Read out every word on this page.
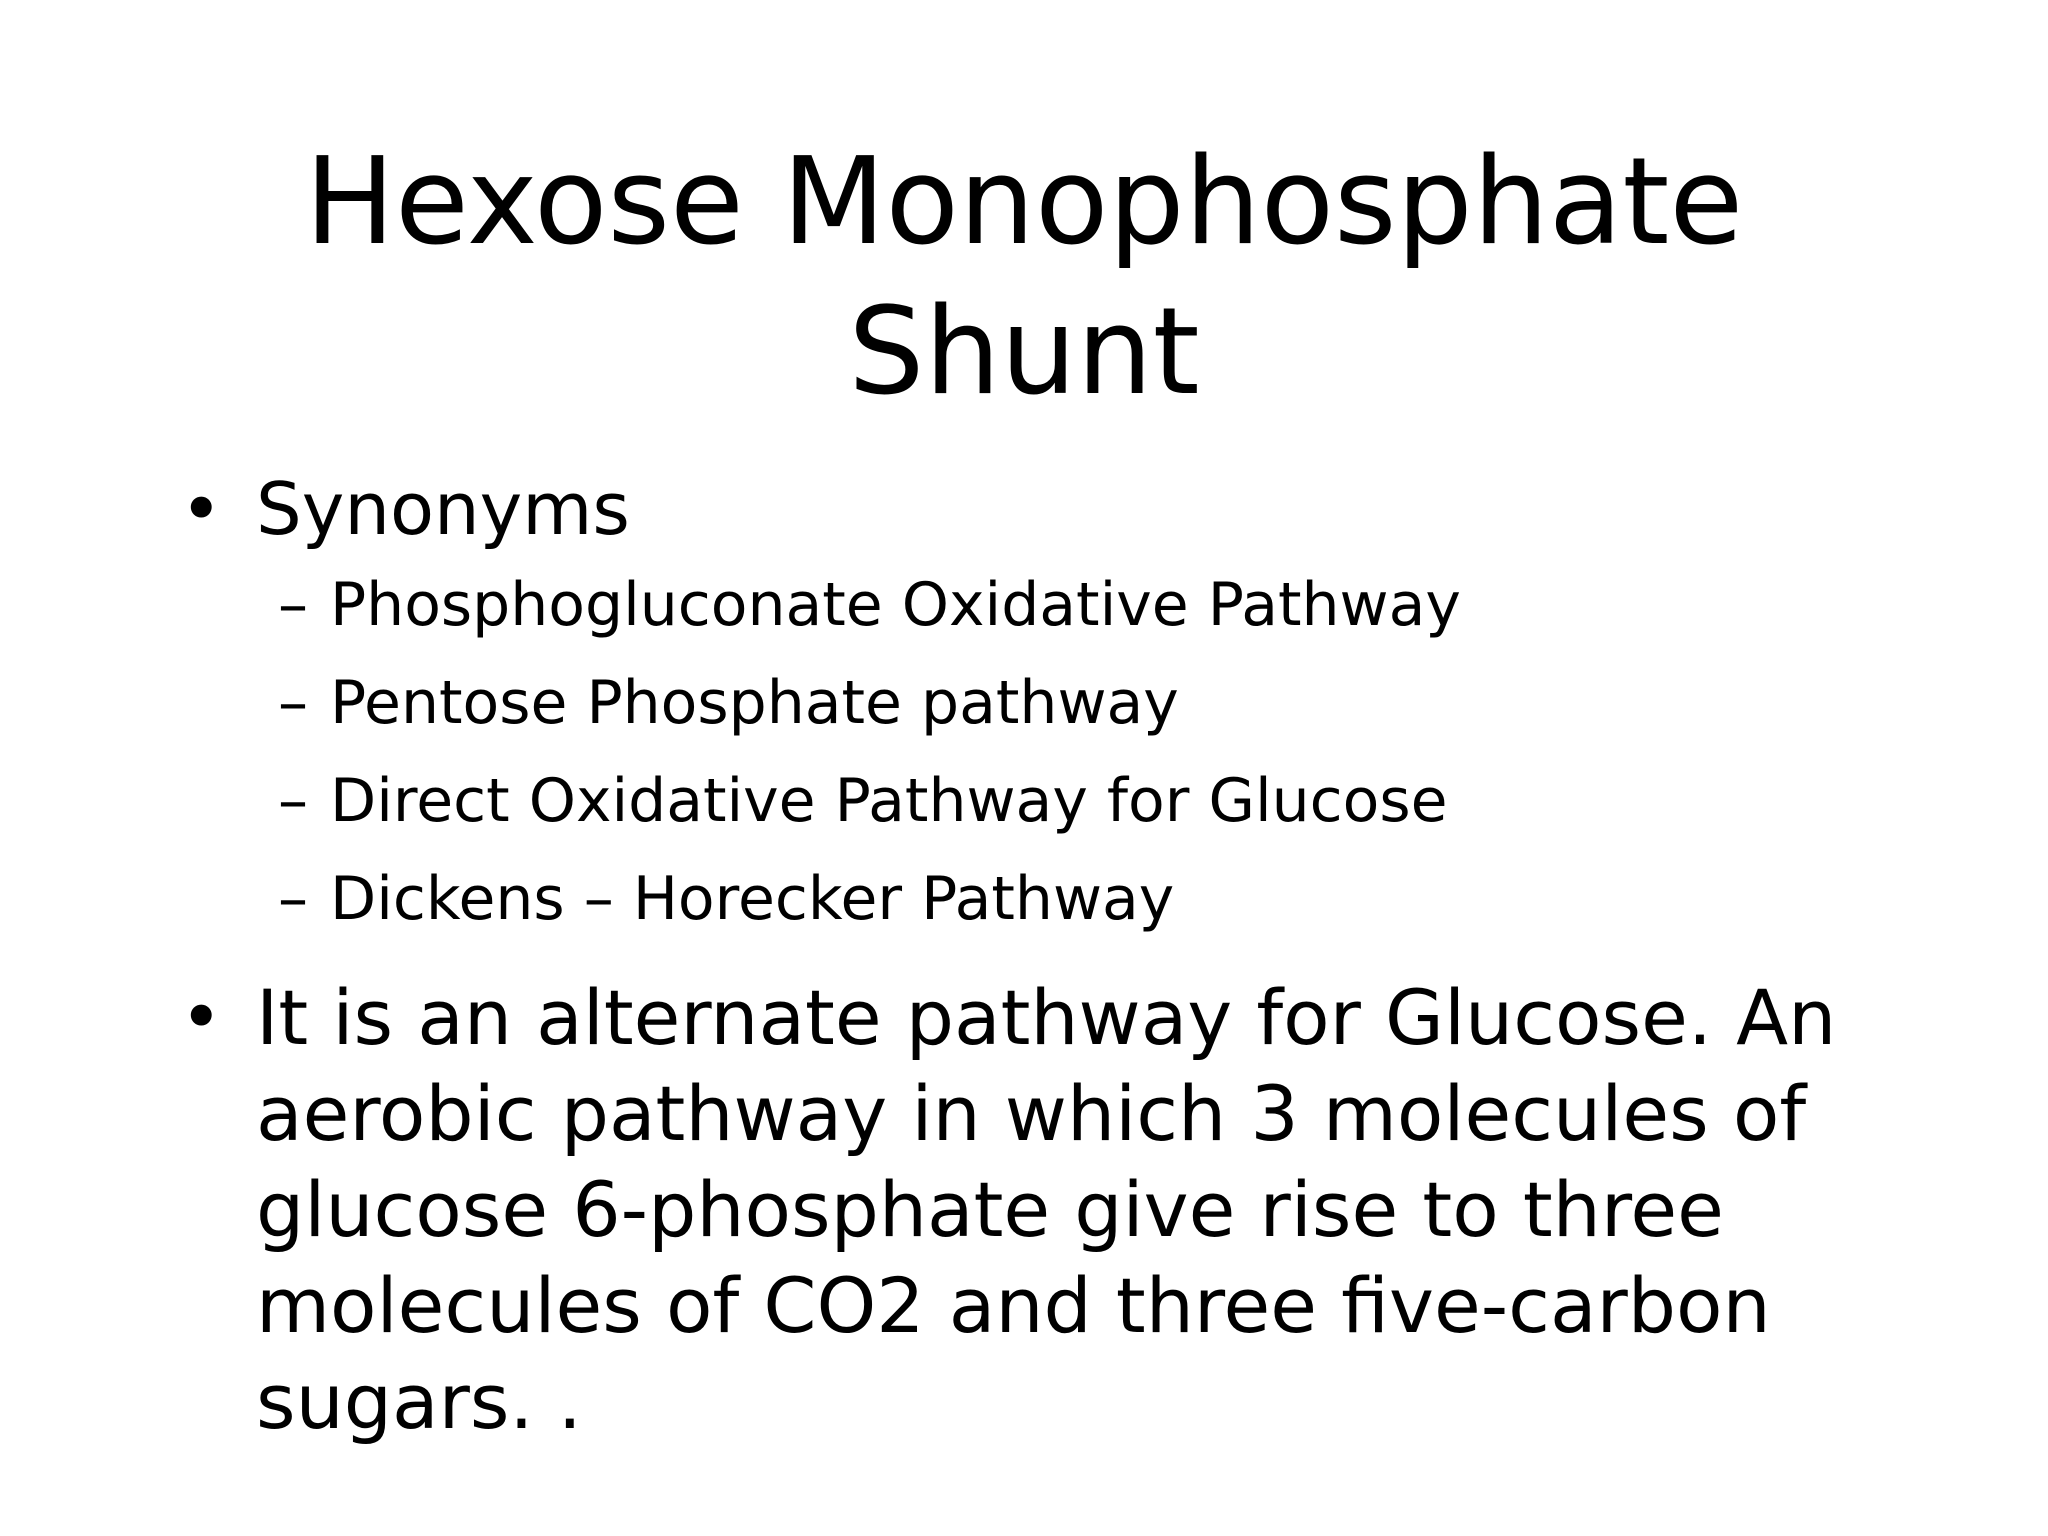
Hexose Monophosphate
Shunt
• Synonyms
– Phosphogluconate Oxidative Pathway
– Pentose Phosphate pathway
– Direct Oxidative Pathway for Glucose
– Dickens – Horecker Pathway
• It is an alternate pathway for Glucose. An aerobic pathway in which 3 molecules of glucose 6-phosphate give rise to three molecules of CO2 and three five-carbon sugars. .
